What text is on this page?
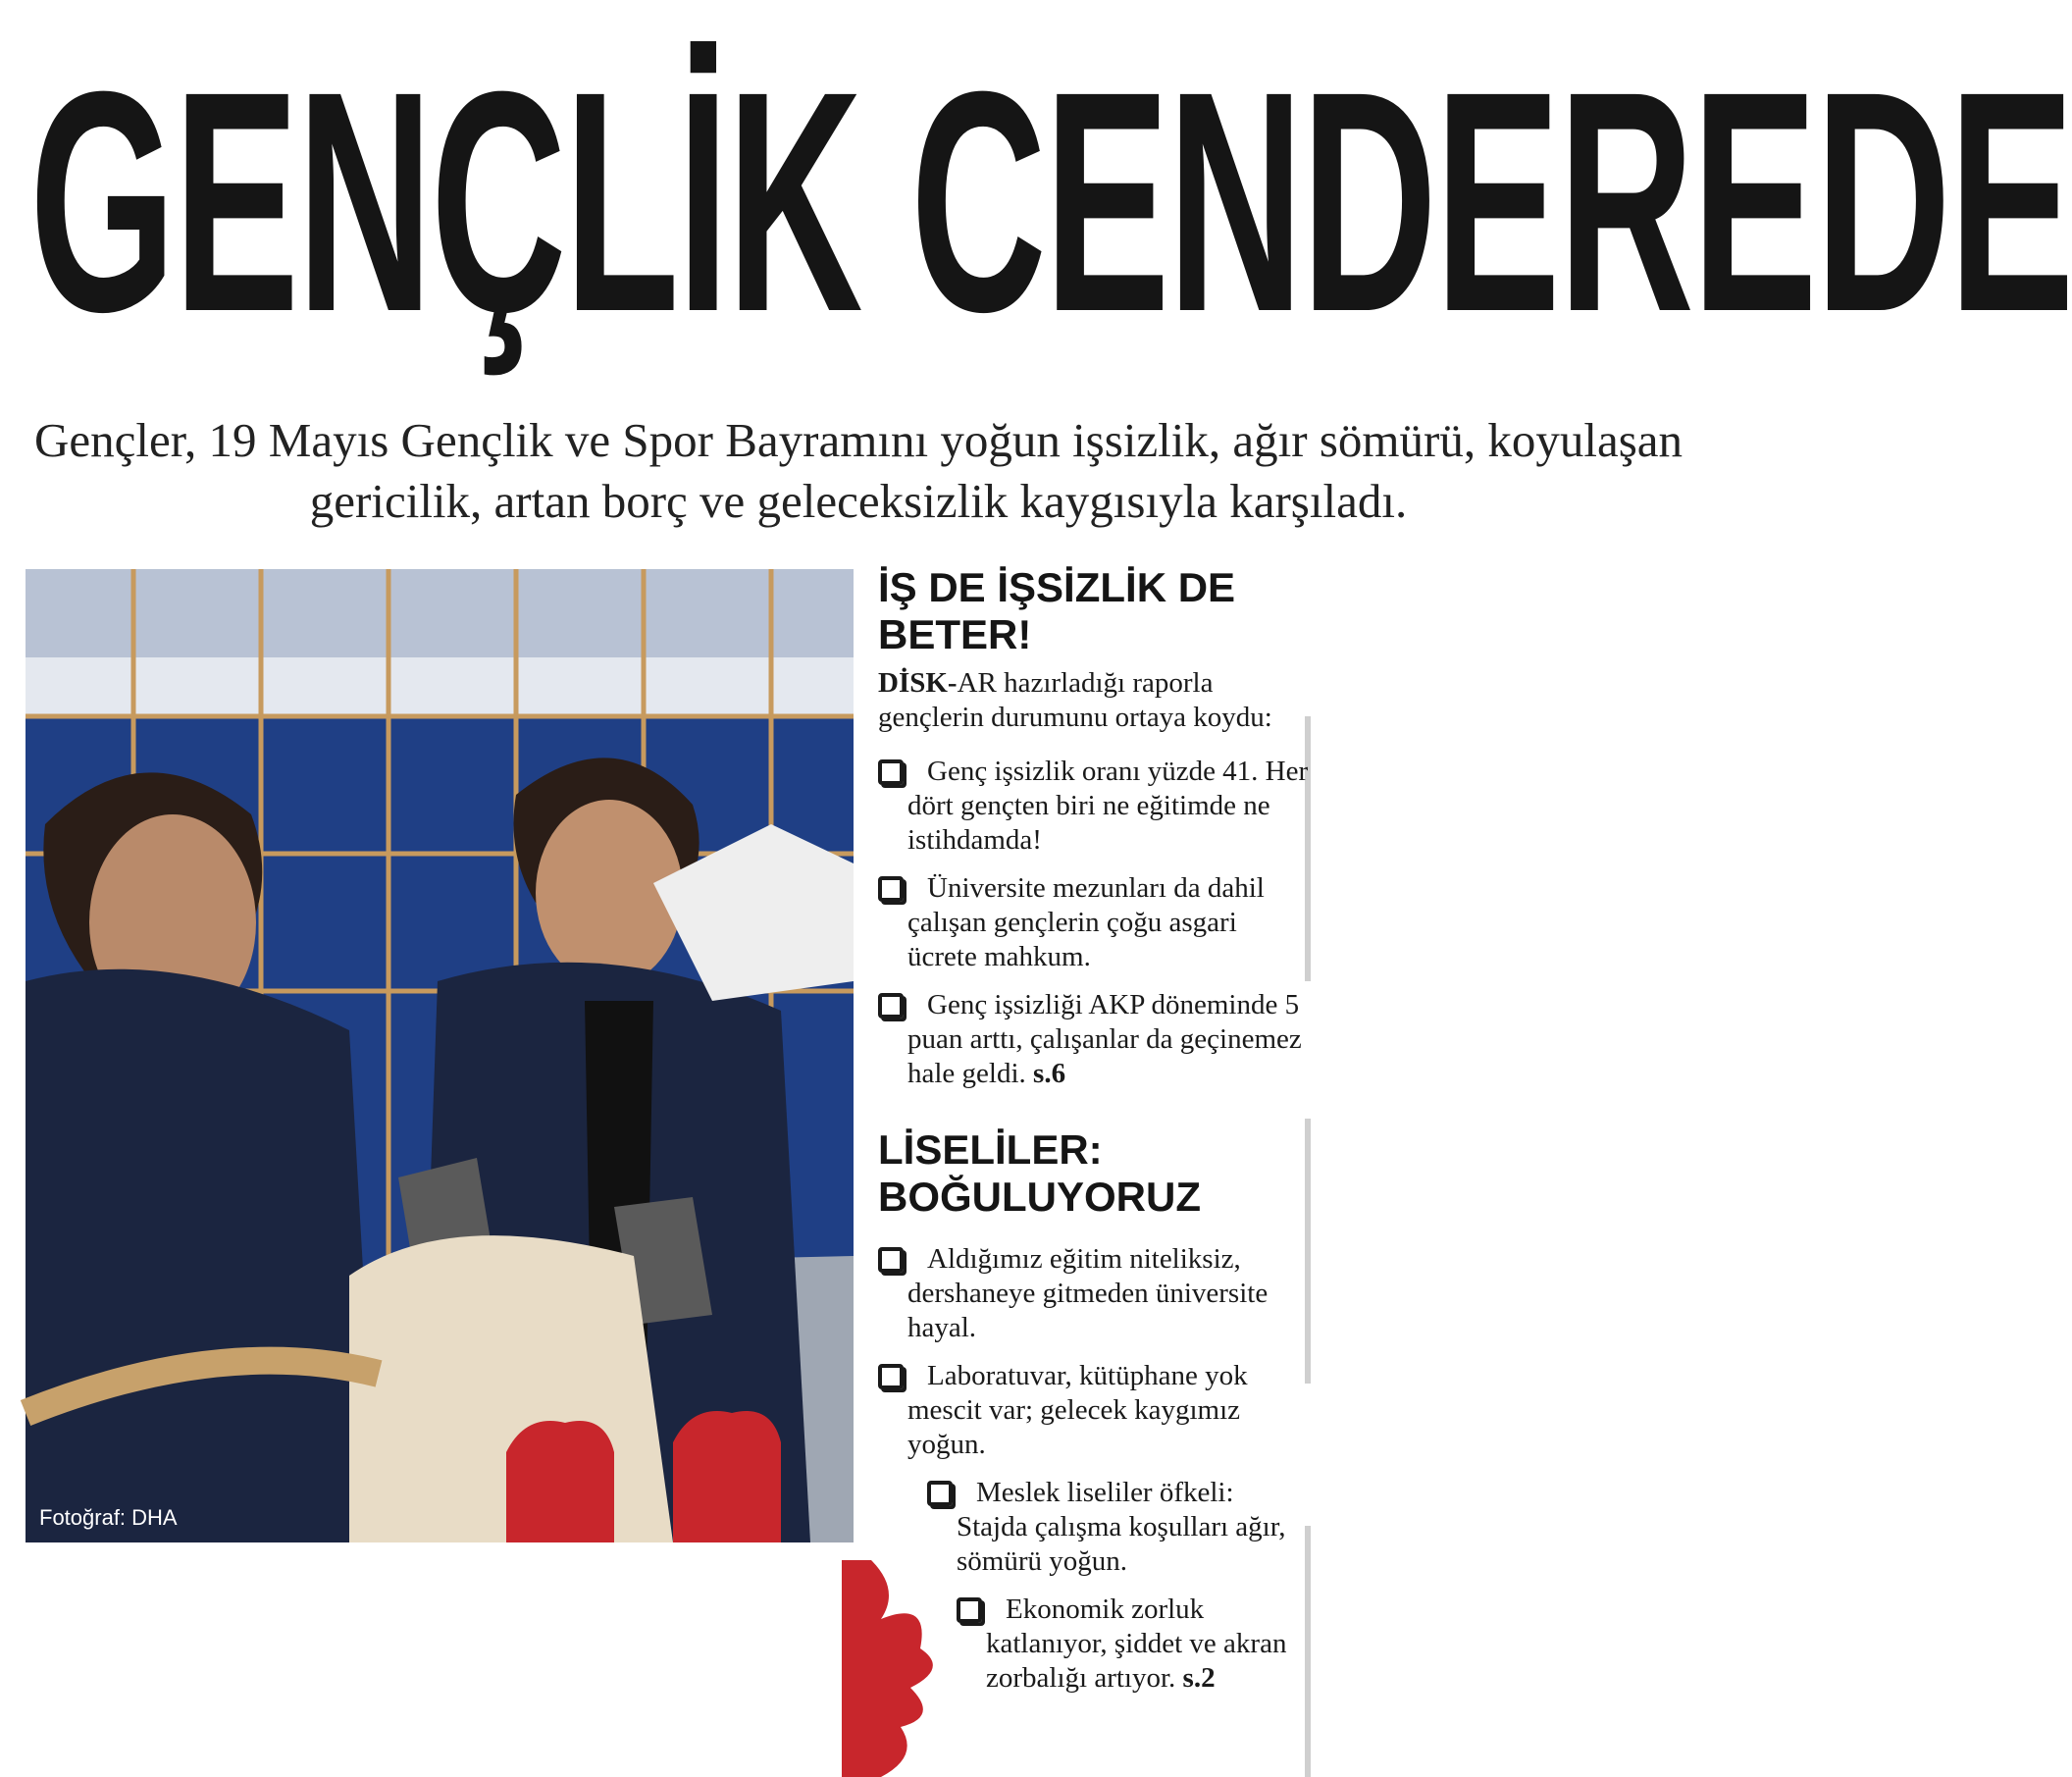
GENÇLİK CENDEREDE

Gençler, 19 Mayıs Gençlik ve Spor Bayramını yoğun işsizlik, ağır sömürü, koyulaşan gericilik, artan borç ve geleceksizlik kaygısıyla karşıladı.

Fotoğraf: DHA
İŞ DE İŞSİZLİK DE BETER!

DİSK-AR hazırladığı raporla gençlerin durumunu ortaya koydu:

Genç işsizlik oranı yüzde 41. Her dört gençten biri ne eğitimde ne istihdamda!

Üniversite mezunları da dahil çalışan gençlerin çoğu asgari ücrete mahkum.

Genç işsizliği AKP döneminde 5 puan arttı, çalışanlar da geçinemez hale geldi. s.6

LİSELİLER: BOĞULUYORUZ

Aldığımız eğitim niteliksiz, dershaneye gitmeden üniversite hayal.

Laboratuvar, kütüphane yok mescit var; gelecek kaygımız yoğun.

Meslek liseliler öfkeli: Stajda çalışma koşulları ağır, sömürü yoğun.

Ekonomik zorluk katlanıyor, şiddet ve akran zorbalığı artıyor. s.2
